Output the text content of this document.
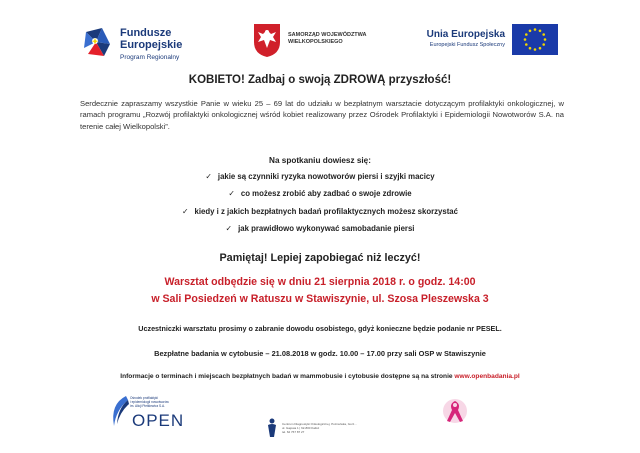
Fundusze
Europejskie
Program Regionalny
SAMORZĄD WOJEWÓDZTWA
WIELKOPOLSKIEGO
Unia Europejska
Europejski Fundusz Społeczny
KOBIETO! Zadbaj o swoją ZDROWĄ przyszłość!
Serdecznie zapraszamy wszystkie Panie w wieku 25 – 69 lat do udziału w bezpłatnym warsztacie dotyczącym profilaktyki onkologicznej, w ramach programu „Rozwój profilaktyki onkologicznej wśród kobiet realizowany przez Ośrodek Profilaktyki i Epidemiologii Nowotworów S.A. na terenie całej Wielkopolski”.
Na spotkaniu dowiesz się:
✓ jakie są czynniki ryzyka nowotworów piersi i szyjki macicy
✓ co możesz zrobić aby zadbać o swoje zdrowie
✓ kiedy i z jakich bezpłatnych badań profilaktycznych możesz skorzystać
✓ jak prawidłowo wykonywać samobadanie piersi
Pamiętaj! Lepiej zapobiegać niż leczyć!
Warsztat odbędzie się w dniu 21 sierpnia 2018 r. o godz. 14:00
w Sali Posiedzeń w Ratuszu w Stawiszynie, ul. Szosa Pleszewska 3
Uczestniczki warsztatu prosimy o zabranie dowodu osobistego, gdyż konieczne będzie podanie nr PESEL.
Bezpłatne badania w cytobusie – 21.08.2018 w godz. 10.00 – 17.00 przy sali OSP w Stawiszynie
Informacje o terminach i miejscach bezpłatnych badań w mammobusie i cytobusie dostępne są na stronie www.openbadania.pl
Ośrodek profilaktyki
i epidemiologii nowotworów
im. Alicji Pietkiewicz S.A.
OPEN	Centrum Diagnostyki Onkologicznej, Poznańska, Gorz...
ul. Gajowa 1 | 62-800 Kalisz
tel. 62 767 87 27
